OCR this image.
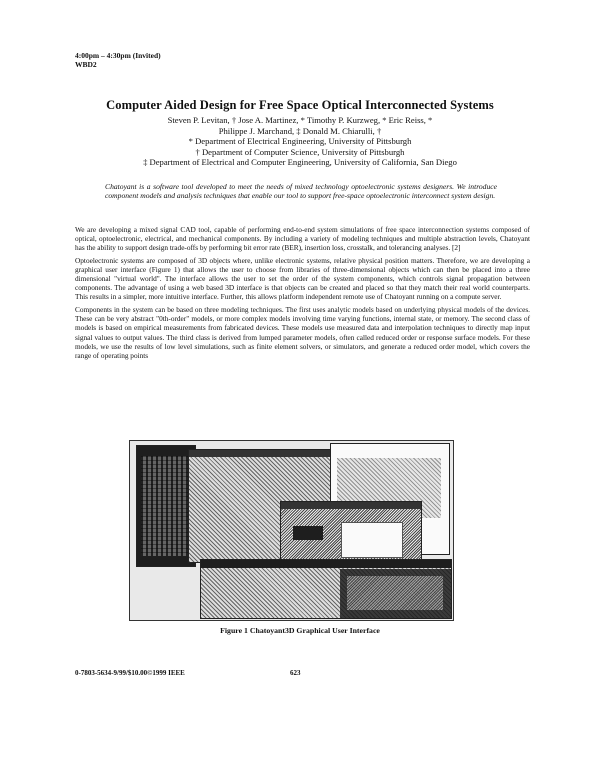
4:00pm – 4:30pm (Invited)
WBD2
Computer Aided Design for Free Space Optical Interconnected Systems
Steven P. Levitan, † Jose A. Martinez, * Timothy P. Kurzweg, * Eric Reiss, *
Philippe J. Marchand, ‡ Donald M. Chiarulli, †
* Department of Electrical Engineering, University of Pittsburgh
† Department of Computer Science, University of Pittsburgh
‡ Department of Electrical and Computer Engineering, University of California, San Diego
Chatoyant is a software tool developed to meet the needs of mixed technology optoelectronic systems designers. We introduce component models and analysis techniques that enable our tool to support free-space optoelectronic interconnect system design.

We are developing a mixed signal CAD tool, capable of performing end-to-end system simulations of free space interconnection systems composed of optical, optoelectronic, electrical, and mechanical components. By including a variety of modeling techniques and multiple abstraction levels, Chatoyant has the ability to support design trade-offs by performing bit error rate (BER), insertion loss, crosstalk, and tolerancing analyses. [2]

Optoelectronic systems are composed of 3D objects where, unlike electronic systems, relative physical position matters. Therefore, we are developing a graphical user interface (Figure 1) that allows the user to choose from libraries of three-dimensional objects which can then be placed into a three dimensional "virtual world". The interface allows the user to set the order of the system components, which controls signal propagation between components. The advantage of using a web based 3D interface is that objects can be created and placed so that they match their real world counterparts. This results in a simpler, more intuitive interface. Further, this allows platform independent remote use of Chatoyant running on a compute server.

Components in the system can be based on three modeling techniques. The first uses analytic models based on underlying physical models of the devices. These can be very abstract "0th-order" models, or more complex models involving time varying functions, internal state, or memory. The second class of models is based on empirical measurements from fabricated devices. These models use measured data and interpolation techniques to directly map input signal values to output values. The third class is derived from lumped parameter models, often called reduced order or response surface models. For these models, we use the results of low level simulations, such as finite element solvers, or simulators, and generate a reduced order model, which covers the range of operating points

Figure 1 Chatoyant3D Graphical User Interface
0-7803-5634-9/99/$10.00©1999 IEEE	623
